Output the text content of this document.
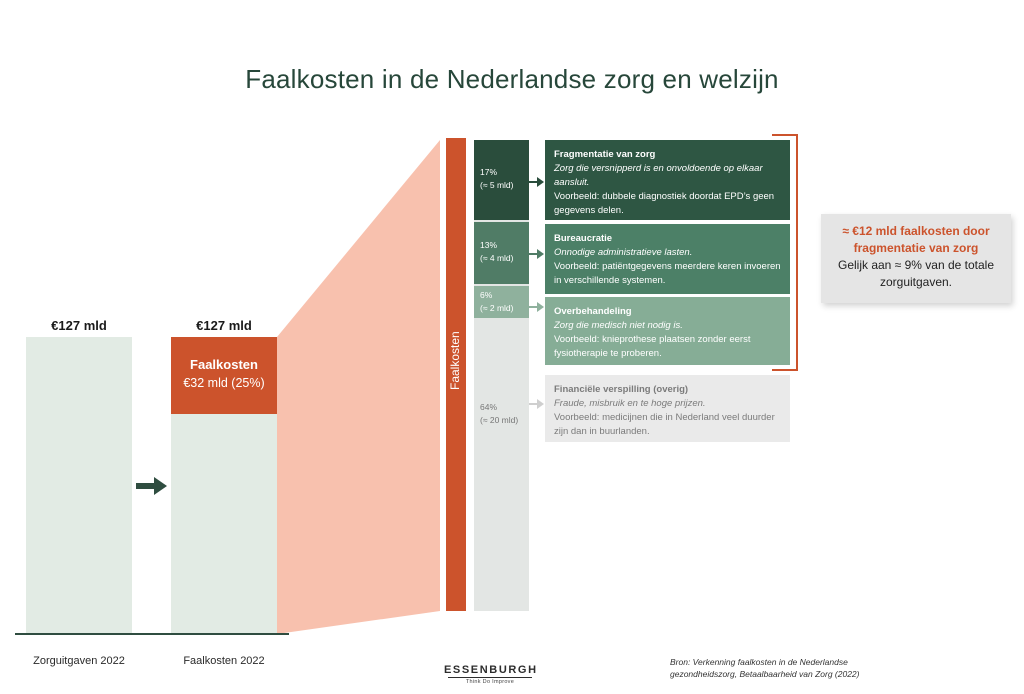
Faalkosten in de Nederlandse zorg en welzijn
€127 mld	€127 mld
Faalkosten
€32 mld (25%)
Zorguitgaven 2022	Faalkosten 2022
Faalkosten
17%
(≈ 5 mld)
13%
(≈ 4 mld)
6%
(≈ 2 mld)
64%
(≈ 20 mld)
Fragmentatie van zorg
Zorg die versnipperd is en onvoldoende op elkaar aansluit.
Voorbeeld: dubbele diagnostiek doordat EPD’s geen gegevens delen.
Bureaucratie
Onnodige administratieve lasten.
Voorbeeld: patiëntgegevens meerdere keren invoeren in verschillende systemen.
Overbehandeling
Zorg die medisch niet nodig is.
Voorbeeld: knieprothese plaatsen zonder eerst fysiotherapie te proberen.
Financiële verspilling (overig)
Fraude, misbruik en te hoge prijzen.
Voorbeeld: medicijnen die in Nederland veel duurder zijn dan in buurlanden.
≈ €12 mld faalkosten door fragmentatie van zorg
Gelijk aan ≈ 9% van de totale zorguitgaven.
ESSENBURGH
Think Do Improve
Bron: Verkenning faalkosten in de Nederlandse gezondheidszorg, Betaalbaarheid van Zorg (2022)
